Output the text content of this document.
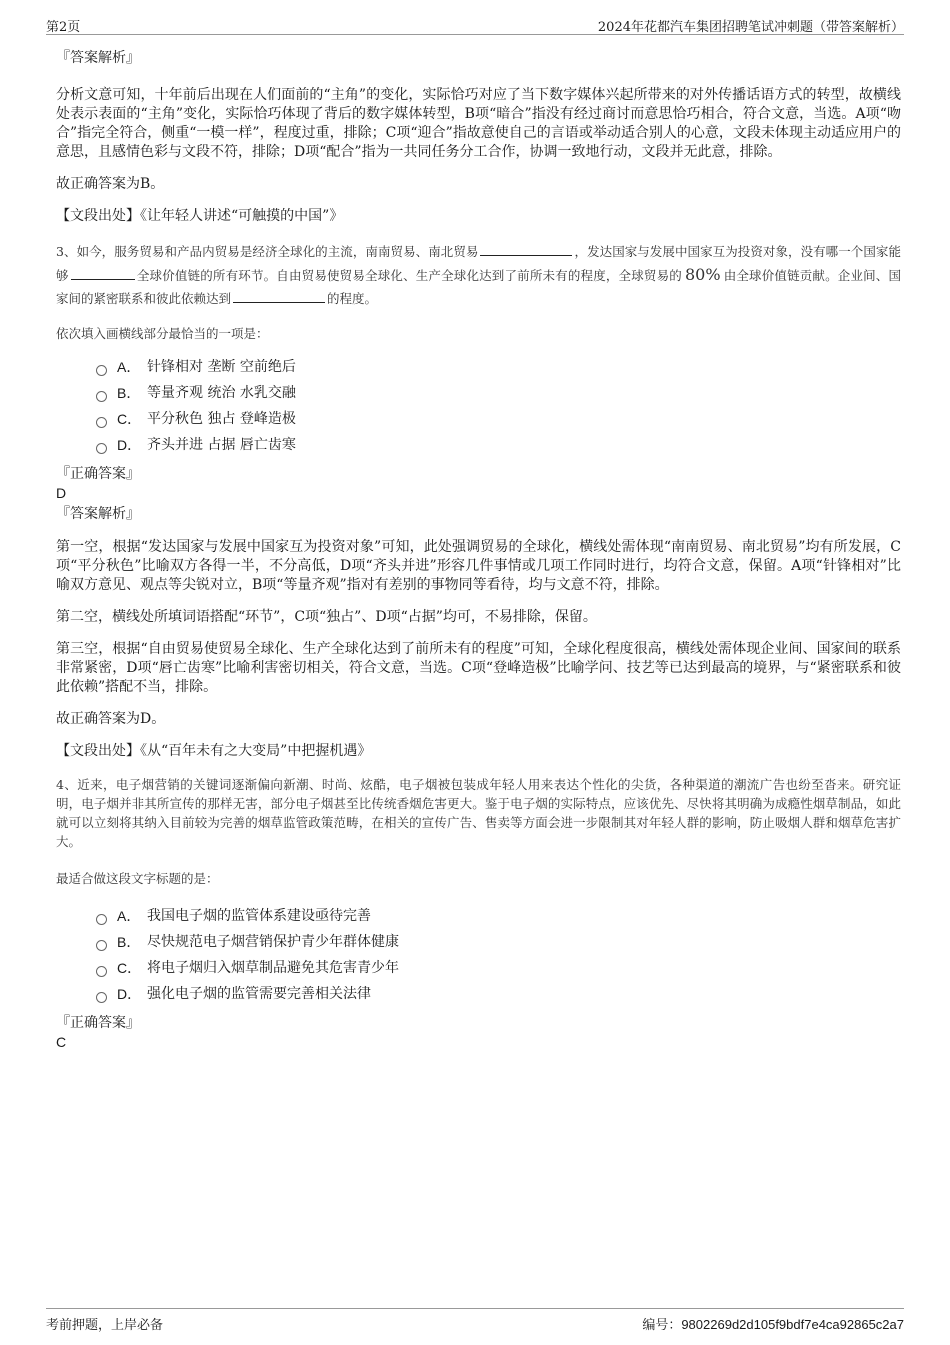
第2页	2024年花都汽车集团招聘笔试冲刺题（带答案解析）

『答案解析』

分析文意可知，十年前后出现在人们面前的“主角”的变化，实际恰巧对应了当下数字媒体兴起所带来的对外传播话语方式的转型，故横线处表示表面的“主角”变化，实际恰巧体现了背后的数字媒体转型，B项“暗合”指没有经过商讨而意思恰巧相合，符合文意，当选。A项“吻合”指完全符合，侧重“一模一样”，程度过重，排除；C项“迎合”指故意使自己的言语或举动适合别人的心意，文段未体现主动适应用户的意思，且感情色彩与文段不符，排除；D项“配合”指为一共同任务分工合作，协调一致地行动，文段并无此意，排除。

故正确答案为B。

【文段出处】《让年轻人讲述“可触摸的中国”》

3、如今，服务贸易和产品内贸易是经济全球化的主流，南南贸易、南北贸易	，发达国家与发展中国家互为投资对象，没有哪一个国家能够	全球价值链的所有环节。自由贸易使贸易全球化、生产全球化达到了前所未有的程度，全球贸易的 80% 由全球价值链贡献。企业间、国家间的紧密联系和彼此依赖达到	的程度。

依次填入画横线部分最恰当的一项是：

A． 针锋相对 垄断 空前绝后
B． 等量齐观 统治 水乳交融
C． 平分秋色 独占 登峰造极
D． 齐头并进 占据 唇亡齿寒

『正确答案』

D

『答案解析』

第一空，根据“发达国家与发展中国家互为投资对象”可知，此处强调贸易的全球化，横线处需体现“南南贸易、南北贸易”均有所发展，C项“平分秋色”比喻双方各得一半，不分高低，D项“齐头并进”形容几件事情或几项工作同时进行，均符合文意，保留。A项“针锋相对”比喻双方意见、观点等尖锐对立，B项“等量齐观”指对有差别的事物同等看待，均与文意不符，排除。

第二空，横线处所填词语搭配“环节”，C项“独占”、D项“占据”均可，不易排除，保留。

第三空，根据“自由贸易使贸易全球化、生产全球化达到了前所未有的程度”可知，全球化程度很高，横线处需体现企业间、国家间的联系非常紧密，D项“唇亡齿寒”比喻利害密切相关，符合文意，当选。C项“登峰造极”比喻学问、技艺等已达到最高的境界，与“紧密联系和彼此依赖”搭配不当，排除。

故正确答案为D。

【文段出处】《从“百年未有之大变局”中把握机遇》

4、近来，电子烟营销的关键词逐渐偏向新潮、时尚、炫酷，电子烟被包装成年轻人用来表达个性化的尖货，各种渠道的潮流广告也纷至沓来。研究证明，电子烟并非其所宣传的那样无害，部分电子烟甚至比传统香烟危害更大。鉴于电子烟的实际特点，应该优先、尽快将其明确为成瘾性烟草制品，如此就可以立刻将其纳入目前较为完善的烟草监管政策范畴，在相关的宣传广告、售卖等方面会进一步限制其对年轻人群的影响，防止吸烟人群和烟草危害扩大。

最适合做这段文字标题的是：

A． 我国电子烟的监管体系建设亟待完善
B． 尽快规范电子烟营销保护青少年群体健康
C． 将电子烟归入烟草制品避免其危害青少年
D． 强化电子烟的监管需要完善相关法律

『正确答案』

C

考前押题，上岸必备	编号：9802269d2d105f9bdf7e4ca92865c2a7
